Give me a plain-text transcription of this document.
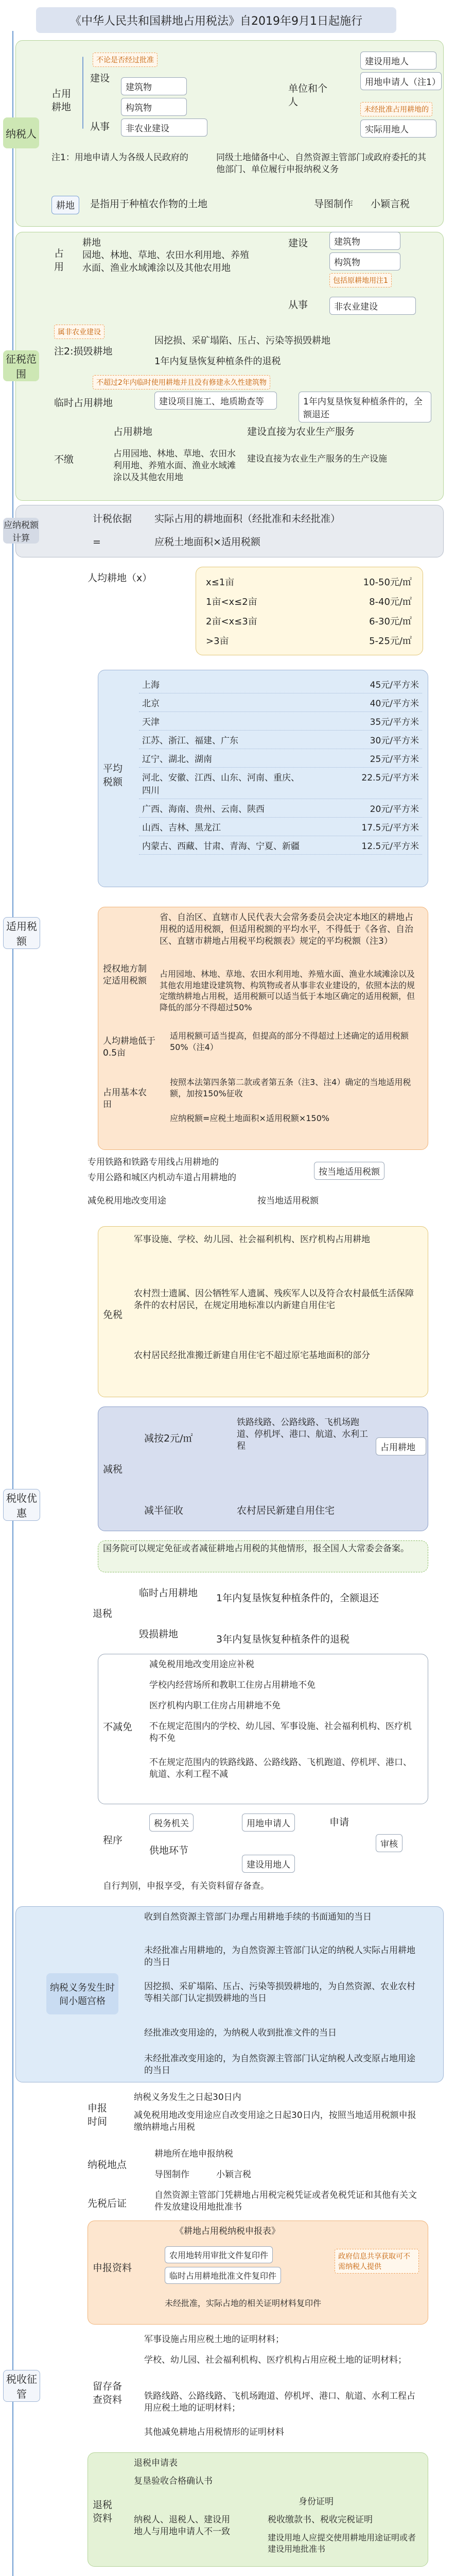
《中华人民共和国耕地占用税法》自2019年9月1日起施行
纳税人
占用耕地
建设
建筑物
构筑物
不论是否经过批准
从事	非农业建设
单位和个人
建设用地人
用地申请人（注1）
未经批准占用耕地的
实际用地人
注1：用地申请人为各级人民政府的	同级土地储备中心、自然资源主管部门或政府委托的其他部门、单位履行申报纳税义务
耕地	是指用于种植农作物的土地	导图制作 小颖言税
征税范围
占用
耕地
园地、林地、草地、农田水利用地、养殖水面、渔业水域滩涂以及其他农用地
建设	建筑物
构筑物
包括原耕地用注1
从事	非农业建设
属非农业建设
注2:损毁耕地
因挖损、采矿塌陷、压占、污染等损毁耕地
1年内复垦恢复种植条件的退税
不超过2年内临时使用耕地并且没有修建永久性建筑物
临时占用耕地	建设项目施工、地质勘查等	1年内复垦恢复种植条件的，全额退还
不缴
占用耕地	建设直接为农业生产服务
占用园地、林地、草地、农田水利用地、养殖水面、渔业水域滩涂以及其他农用地
建设直接为农业生产服务的生产设施
应纳税额计算
计税依据 实际占用的耕地面积（经批准和未经批准）
=	应税土地面积×适用税额
适用税额
人均耕地（x）	x≤1亩	10-50元/㎡
1亩<x≤2亩	8-40元/㎡
2亩<x≤3亩	6-30元/㎡
>3亩	5-25元/㎡
平均税额
上海	45元/平方米
北京	40元/平方米
天津	35元/平方米
江苏、浙江、福建、广东	30元/平方米
辽宁、湖北、湖南	25元/平方米
河北、安徽、江西、山东、河南、重庆、四川
22.5元/平方米
广西、海南、贵州、云南、陕西	20元/平方米
山西、吉林、黑龙江	17.5元/平方米
内蒙古、西藏、甘肃、青海、宁夏、新疆	12.5元/平方米
省、自治区、直辖市人民代表大会常务委员会决定本地区的耕地占用税的适用税额，但适用税额的平均水平，不得低于《各省、自治区、直辖市耕地占用税平均税额表》规定的平均税额（注3）
授权地方制定适用税额
占用园地、林地、草地、农田水利用地、养殖水面、渔业水域滩涂以及其他农用地建设建筑物、构筑物或者从事非农业建设的，依照本法的规定缴纳耕地占用税，适用税额可以适当低于本地区确定的适用税额，但降低的部分不得超过50%
人均耕地低于0.5亩
适用税额可适当提高，但提高的部分不得超过上述确定的适用税额50%（注4）
占用基本农田
按照本法第四条第二款或者第五条（注3、注4）确定的当地适用税额，加按150%征收
应纳税额=应税土地面积×适用税额×150%
专用铁路和铁路专用线占用耕地的
专用公路和城区内机动车道占用耕地的
按当地适用税额
减免税用地改变用途	按当地适用税额
税收优惠
免税
军事设施、学校、幼儿园、社会福利机构、医疗机构占用耕地
农村烈士遗属、因公牺牲军人遗属、残疾军人以及符合农村最低生活保障条件的农村居民，在规定用地标准以内新建自用住宅
农村居民经批准搬迁新建自用住宅不超过原宅基地面积的部分
减税
减按2元/㎡
铁路线路、公路线路、飞机场跑道、停机坪、港口、航道、水利工程	占用耕地
减半征收	农村居民新建自用住宅
国务院可以规定免征或者减征耕地占用税的其他情形，报全国人大常委会备案。
退税
临时占用耕地	1年内复垦恢复种植条件的，全额退还
毁损耕地	3年内复垦恢复种植条件的退税
不减免
减免税用地改变用途应补税
学校内经营场所和教职工住房占用耕地不免
医疗机构内职工住房占用耕地不免
不在规定范围内的学校、幼儿园、军事设施、社会福利机构、医疗机构不免
不在规定范围内的铁路线路、公路线路、飞机跑道、停机坪、港口、航道、水利工程不减
程序
税务机关	用地申请人	申请
审核
供地环节
建设用地人
自行判别，申报享受，有关资料留存备查。
纳税义务发生时间小题宫格
收到自然资源主管部门办理占用耕地手续的书面通知的当日
未经批准占用耕地的，为自然资源主管部门认定的纳税人实际占用耕地的当日
因挖损、采矿塌陷、压占、污染等损毁耕地的，为自然资源、农业农村等相关部门认定损毁耕地的当日
经批准改变用途的，为纳税人收到批准文件的当日
未经批准改变用途的，为自然资源主管部门认定纳税人改变原占地用途的当日
税收征管
申报时间
纳税义务发生之日起30日内
减免税用地改变用途应自改变用途之日起30日内，按照当地适用税额申报缴纳耕地占用税
纳税地点
耕地所在地申报纳税
导图制作	小颖言税
先税后证
自然资源主管部门凭耕地占用税完税凭证或者免税凭证和其他有关文件发放建设用地批准书
申报资料
《耕地占用税纳税申报表》
农用地转用审批文件复印件
临时占用耕地批准文件复印件
政府信息共享获取可不需纳税人提供
未经批准，实际占地的相关证明材料复印件
留存备查资料
军事设施占用应税土地的证明材料；
学校、幼儿园、社会福利机构、医疗机构占用应税土地的证明材料；
铁路线路、公路线路、飞机场跑道、停机坪、港口、航道、水利工程占用应税土地的证明材料；
其他减免耕地占用税情形的证明材料
退税资料
退税申请表
复垦验收合格确认书
纳税人、退税人、建设用地人与用地申请人不一致
身份证明
税收缴款书、税收完税证明
建设用地人应提交使用耕地用途证明或者建设用地批准书
